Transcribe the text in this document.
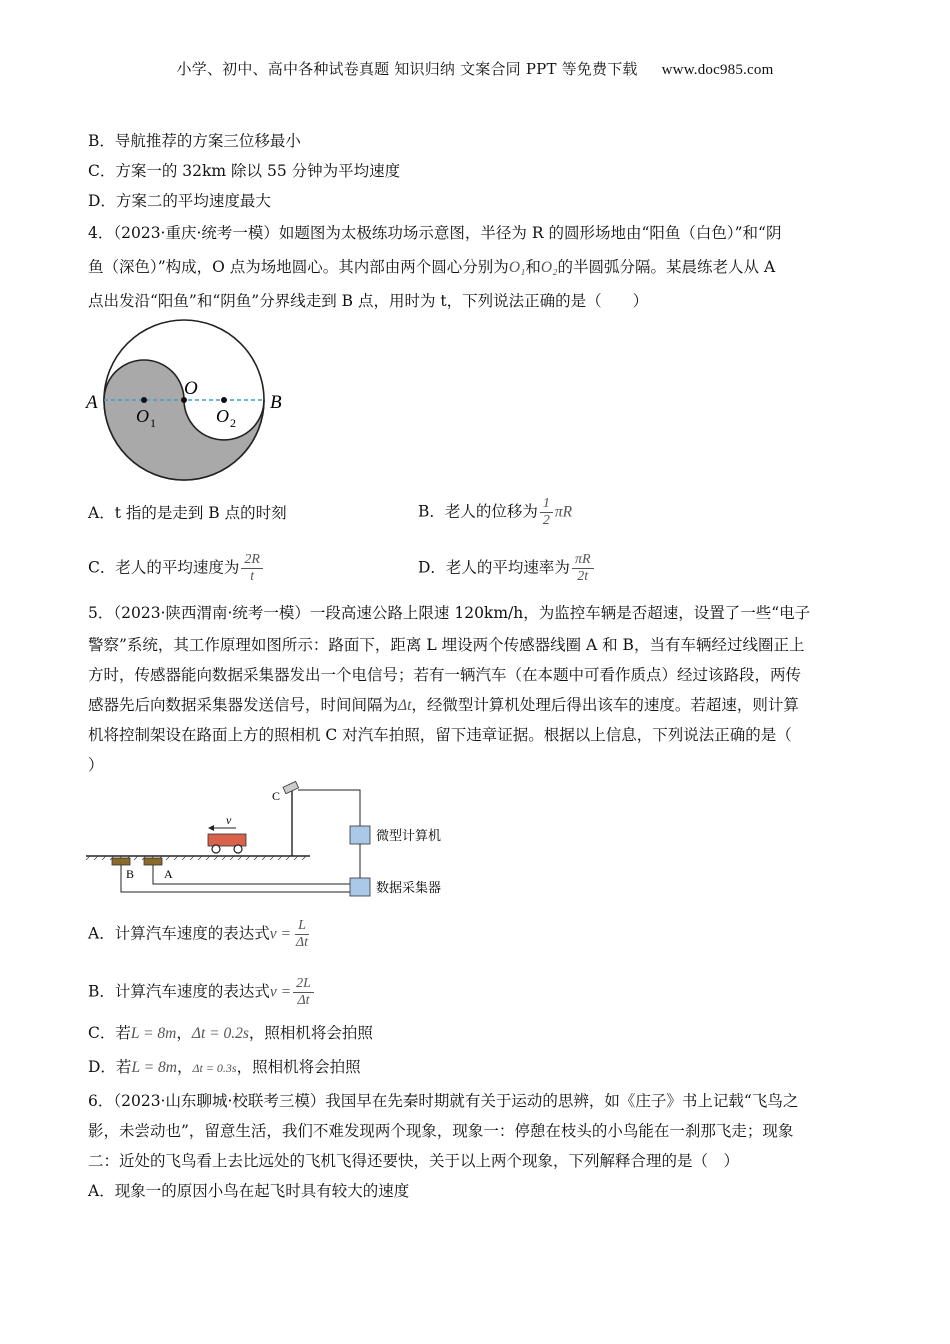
小学、初中、高中各种试卷真题 知识归纳 文案合同 PPT 等免费下载 www.doc985.com
B．导航推荐的方案三位移最小
C．方案一的 32km 除以 55 分钟为平均速度
D．方案二的平均速度最大
4．（2023·重庆·统考一模）如题图为太极练功场示意图，半径为 R 的圆形场地由“阳鱼（白色）”和“阴
鱼（深色）”构成，O 点为场地圆心。其内部由两个圆心分别为O₁和O₂的半圆弧分隔。某晨练老人从 A
点出发沿“阳鱼”和“阴鱼”分界线走到 B 点，用时为 t，下列说法正确的是（　　）
A	B
O
O 1	O 2
A．t 指的是走到 B 点的时刻	B．老人的位移为 $\frac{1}{2}$ πR
C．老人的平均速度为 $\frac{2R}{t}$	D．老人的平均速率为 $\frac{\pi R}{2t}$
5．（2023·陕西渭南·统考一模）一段高速公路上限速 120km/h，为监控车辆是否超速，设置了一些“电子
警察”系统，其工作原理如图所示：路面下，距离 L 埋设两个传感器线圈 A 和 B，当有车辆经过线圈正上
方时，传感器能向数据采集器发出一个电信号；若有一辆汽车（在本题中可看作质点）经过该路段，两传
感器先后向数据采集器发送信号，时间间隔为Δt，经微型计算机处理后得出该车的速度。若超速，则计算
机将控制架设在路面上方的照相机 C 对汽车拍照，留下违章证据。根据以上信息，下列说法正确的是（
）
B A
v
C
微型计算机
数据采集器
A．计算汽车速度的表达式$v = \frac{L}{\Delta t}$
B．计算汽车速度的表达式$v = \frac{2L}{\Delta t}$
C．若L = 8m，Δt = 0.2s，照相机将会拍照
D．若L = 8m，Δt = 0.3s，照相机将会拍照
6．（2023·山东聊城·校联考三模）我国早在先秦时期就有关于运动的思辨，如《庄子》书上记载“飞鸟之
影，未尝动也”，留意生活，我们不难发现两个现象，现象一：停憩在枝头的小鸟能在一刹那飞走；现象
二：近处的飞鸟看上去比远处的飞机飞得还要快，关于以上两个现象，下列解释合理的是（　）
A．现象一的原因小鸟在起飞时具有较大的速度
